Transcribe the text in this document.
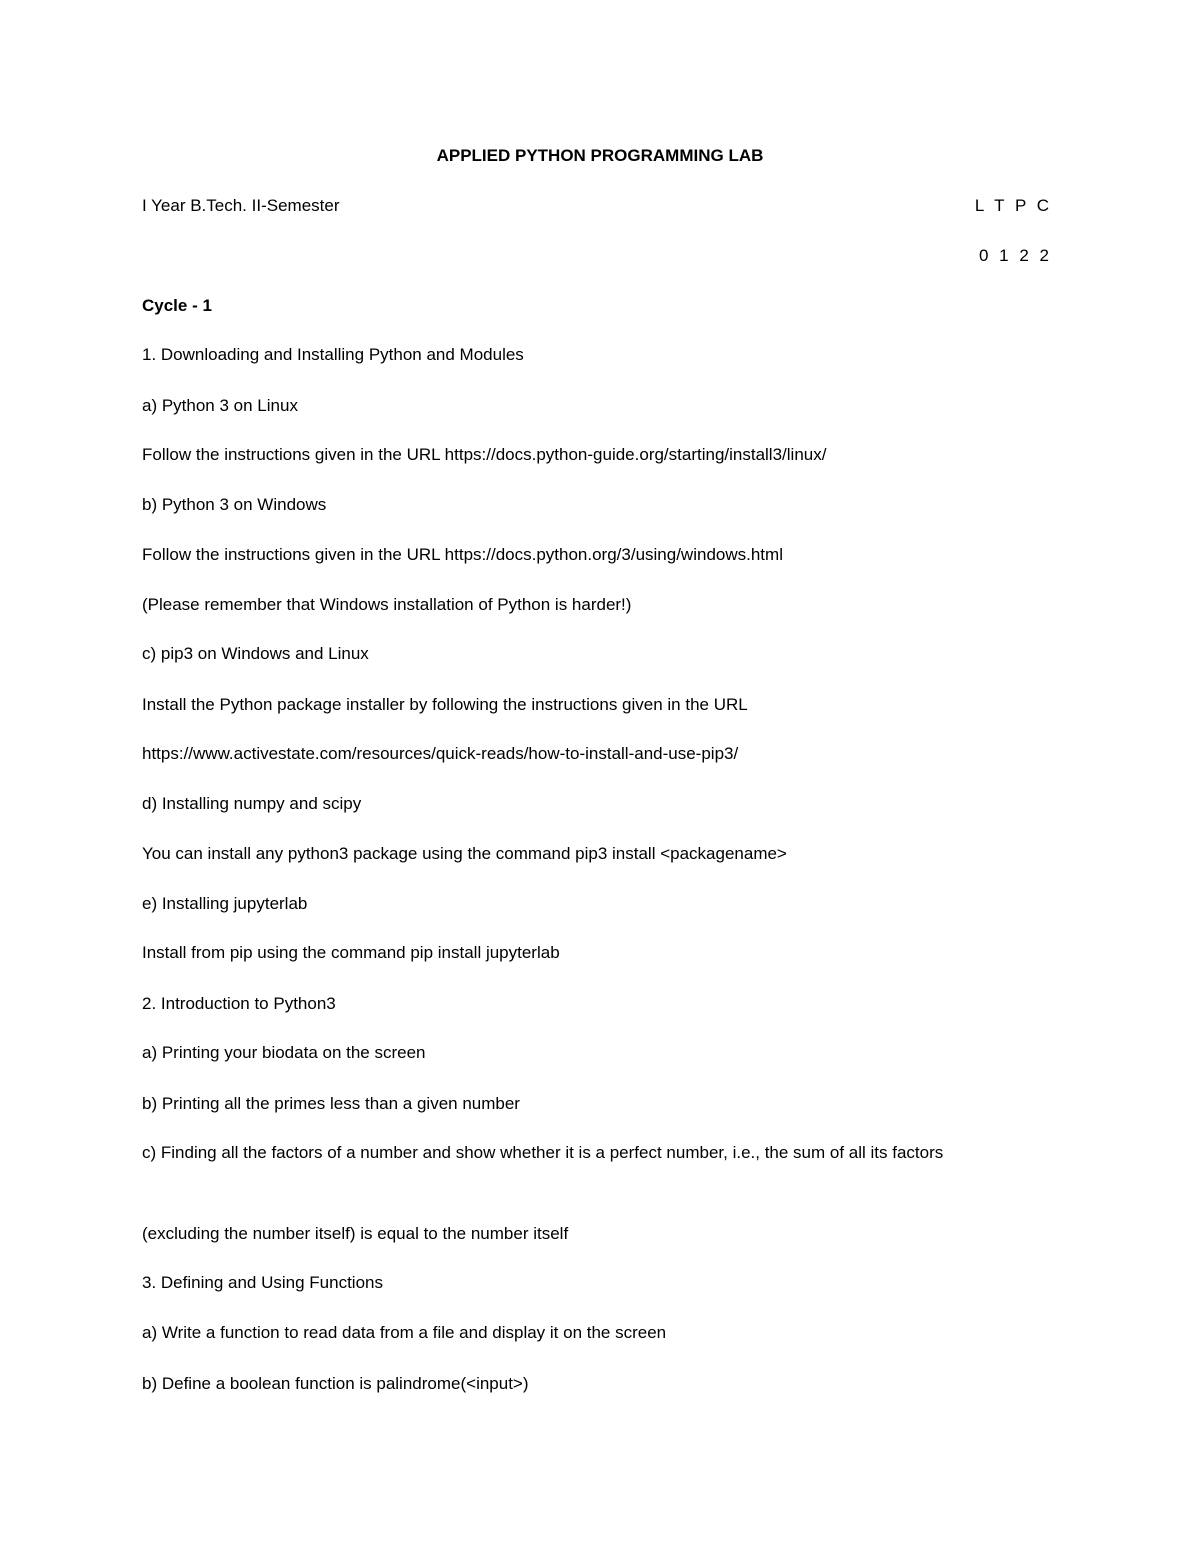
APPLIED PYTHON PROGRAMMING LAB
I Year B.Tech. II-Semester	L T P C
0 1 2 2
Cycle - 1
1. Downloading and Installing Python and Modules
a) Python 3 on Linux
Follow the instructions given in the URL https://docs.python-guide.org/starting/install3/linux/
b) Python 3 on Windows
Follow the instructions given in the URL https://docs.python.org/3/using/windows.html
(Please remember that Windows installation of Python is harder!)
c) pip3 on Windows and Linux
Install the Python package installer by following the instructions given in the URL
https://www.activestate.com/resources/quick-reads/how-to-install-and-use-pip3/
d) Installing numpy and scipy
You can install any python3 package using the command pip3 install <packagename>
e) Installing jupyterlab
Install from pip using the command pip install jupyterlab
2. Introduction to Python3
a) Printing your biodata on the screen
b) Printing all the primes less than a given number
c) Finding all the factors of a number and show whether it is a perfect number, i.e., the sum of all its factors
(excluding the number itself) is equal to the number itself
3. Defining and Using Functions
a) Write a function to read data from a file and display it on the screen
b) Define a boolean function is palindrome(<input>)
